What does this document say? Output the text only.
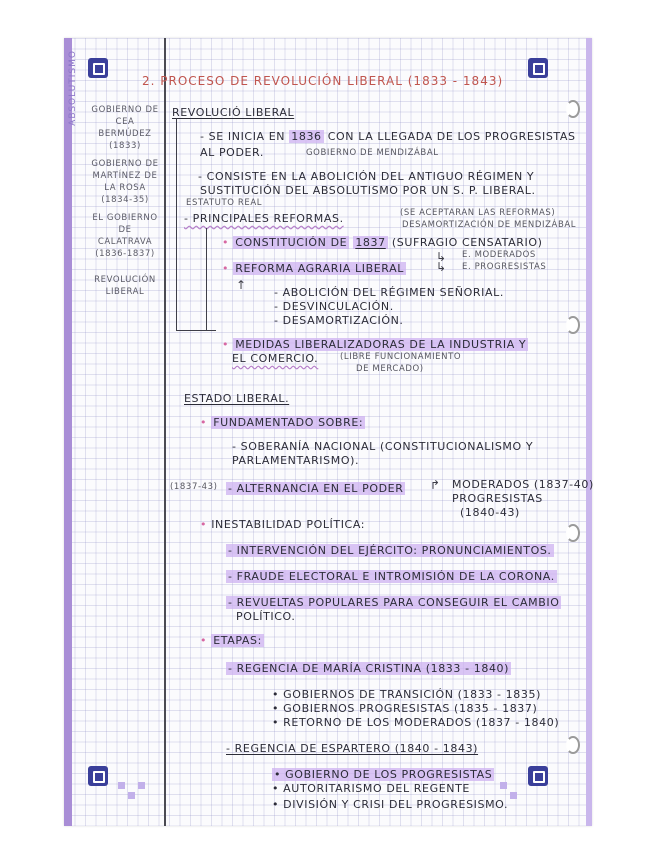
ABSOLUTISMO	2. PROCESO DE REVOLUCIÓN LIBERAL (1833 - 1843)
GOBIERNO DE CEA BERMÚDEZ (1833)
GOBIERNO DE MARTÍNEZ DE LA ROSA (1834-35)
EL GOBIERNO DE CALATRAVA (1836-1837)
REVOLUCIÓN LIBERAL
REVOLUCIÓ LIBERAL
- SE INICIA EN 1836 CON LA LLEGADA DE LOS PROGRESISTAS
AL PODER.	GOBIERNO DE MENDIZÁBAL
- CONSISTE EN LA ABOLICIÓN DEL ANTIGUO RÉGIMEN Y
SUSTITUCIÓN DEL ABSOLUTISMO POR UN S. P. LIBERAL.
ESTATUTO REAL
- PRINCIPALES REFORMAS.	(SE ACEPTARAN LAS REFORMAS)
DESAMORTIZACIÓN DE MENDIZÁBAL
• CONSTITUCIÓN DE 1837 (SUFRAGIO CENSATARIO)
E. MODERADOS
E. PROGRESISTAS
• REFORMA AGRARIA LIBERAL
- ABOLICIÓN DEL RÉGIMEN SEÑORIAL.
- DESVINCULACIÓN.
- DESAMORTIZACIÓN.
• MEDIDAS LIBERALIZADORAS DE LA INDUSTRIA Y
EL COMERCIO.	(LIBRE FUNCIONAMIENTO
DE MERCADO)
↑
↳
↳
ESTADO LIBERAL.
• FUNDAMENTADO SOBRE:
- SOBERANÍA NACIONAL (CONSTITUCIONALISMO Y
PARLAMENTARISMO).
(1837-43) - ALTERNANCIA EN EL PODER ↱ MODERADOS (1837-40)
PROGRESISTAS
(1840-43)
• INESTABILIDAD POLÍTICA:
- INTERVENCIÓN DEL EJÉRCITO: PRONUNCIAMIENTOS.
- FRAUDE ELECTORAL E INTROMISIÓN DE LA CORONA.
- REVUELTAS POPULARES PARA CONSEGUIR EL CAMBIO
POLÍTICO.
• ETAPAS:
- REGENCIA DE MARÍA CRISTINA (1833 - 1840)
• GOBIERNOS DE TRANSICIÓN (1833 - 1835)
• GOBIERNOS PROGRESISTAS (1835 - 1837)
• RETORNO DE LOS MODERADOS (1837 - 1840)
- REGENCIA DE ESPARTERO (1840 - 1843)
• GOBIERNO DE LOS PROGRESISTAS
• AUTORITARISMO DEL REGENTE
• DIVISIÓN Y CRISI DEL PROGRESISMO.
